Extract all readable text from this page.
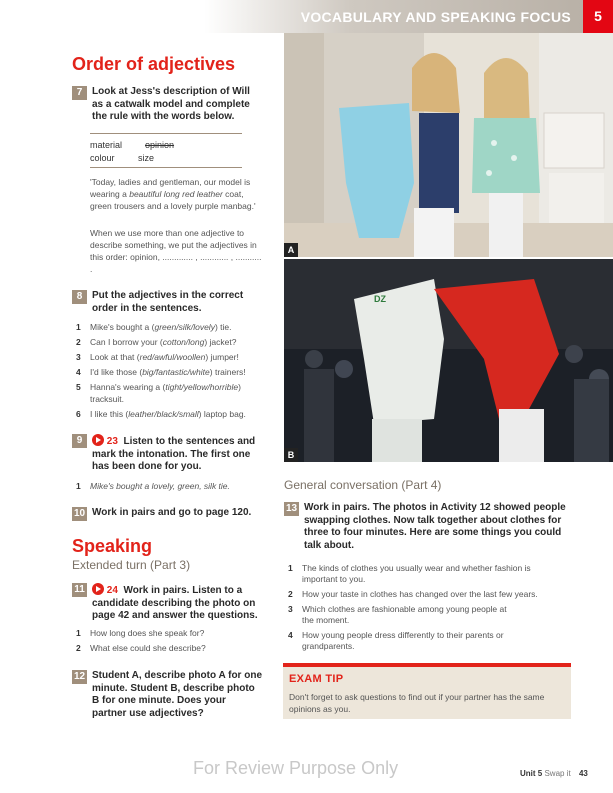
VOCABULARY AND SPEAKING FOCUS	5
Order of adjectives
7 Look at Jess's description of Will as a catwalk model and complete the rule with the words below.
material	opinion
colour	size
'Today, ladies and gentleman, our model is wearing a beautiful long red leather coat, green trousers and a lovely purple manbag.'
When we use more than one adjective to describe something, we put the adjectives in this order: opinion, ............. , ............ , ........... .
8 Put the adjectives in the correct order in the sentences.
1 Mike's bought a (green/silk/lovely) tie.
2 Can I borrow your (cotton/long) jacket?
3 Look at that (red/awful/woollen) jumper!
4 I'd like those (big/fantastic/white) trainers!
5 Hanna's wearing a (tight/yellow/horrible)
tracksuit.
6 I like this (leather/black/small) laptop bag.
9	23 Listen to the sentences and mark the intonation. The first one has been done for you.
1 Mike's bought a lovely, green, silk tie.
10 Work in pairs and go to page 120.
Speaking
Extended turn (Part 3)
11	24 Work in pairs. Listen to a candidate describing the photo on page 42 and answer the questions.
1 How long does she speak for?
2 What else could she describe?
12 Student A, describe photo A for one minute. Student B, describe photo B for one minute. Does your partner use adjectives?
A
DZ
B
General conversation (Part 4)
13 Work in pairs. The photos in Activity 12 showed people swapping clothes. Now talk together about clothes for three to four minutes. Here are some things you could talk about.
1 The kinds of clothes you usually wear and whether fashion is
important to you.
2 How your taste in clothes has changed over the last few years.
3 Which clothes are fashionable among young people at
the moment.
4 How young people dress differently to their parents or
grandparents.
EXAM TIP
Don't forget to ask questions to find out if your partner has the same opinions as you.
For Review Purpose Only	Unit 5 Swap it 43
